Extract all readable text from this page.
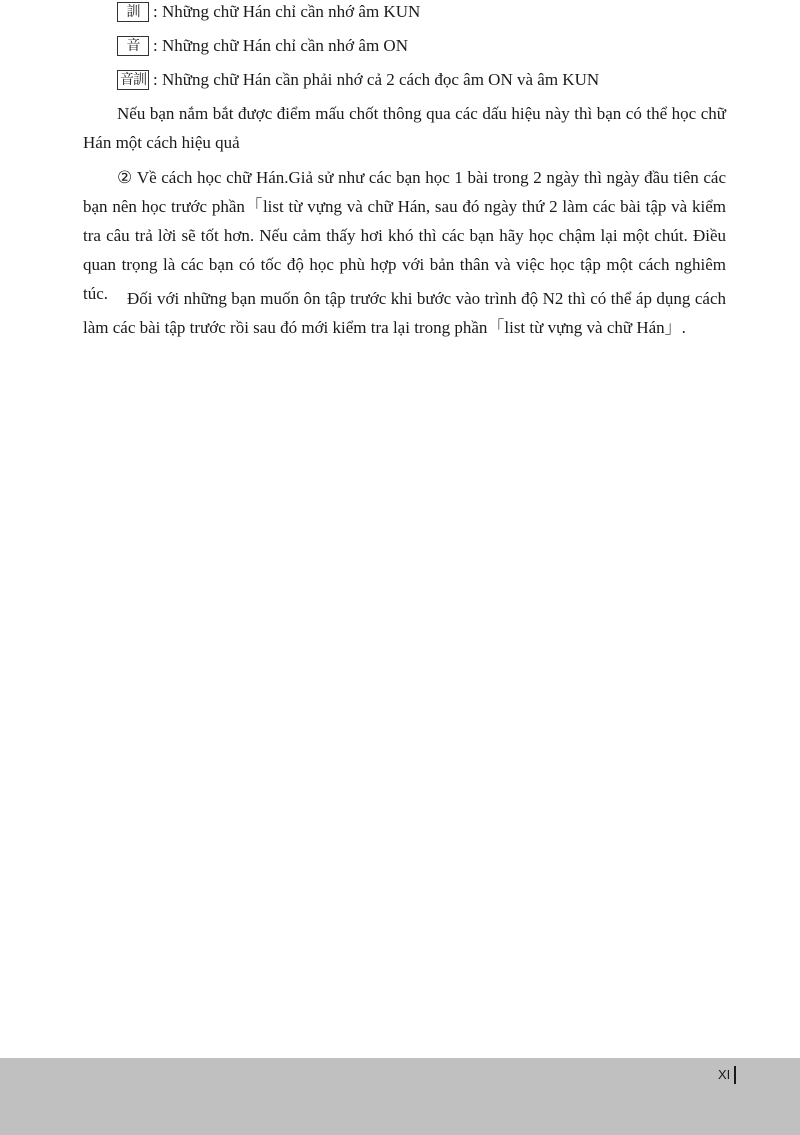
訓 : Những chữ Hán chỉ cần nhớ âm KUN
音 : Những chữ Hán chỉ cần nhớ âm ON
音訓 : Những chữ Hán cần phải nhớ cả 2 cách đọc âm ON và âm KUN

Nếu bạn nắm bắt được điểm mấu chốt thông qua các dấu hiệu này thì bạn có thể học chữ Hán một cách hiệu quả

② Về cách học chữ Hán.Giả sử như các bạn học 1 bài trong 2 ngày thì ngày đầu tiên các bạn nên học trước phần「list từ vựng và chữ Hán, sau đó ngày thứ 2 làm các bài tập và kiểm tra câu trả lời sẽ tốt hơn. Nếu cảm thấy hơi khó thì các bạn hãy học chậm lại một chút. Điều quan trọng là các bạn có tốc độ học phù hợp với bản thân và việc học tập một cách nghiêm túc.	Đối với những bạn muốn ôn tập trước khi bước vào trình độ N2 thì có thể áp dụng cách làm các bài tập trước rồi sau đó mới kiểm tra lại trong phần「list từ vựng và chữ Hán」.

XI
